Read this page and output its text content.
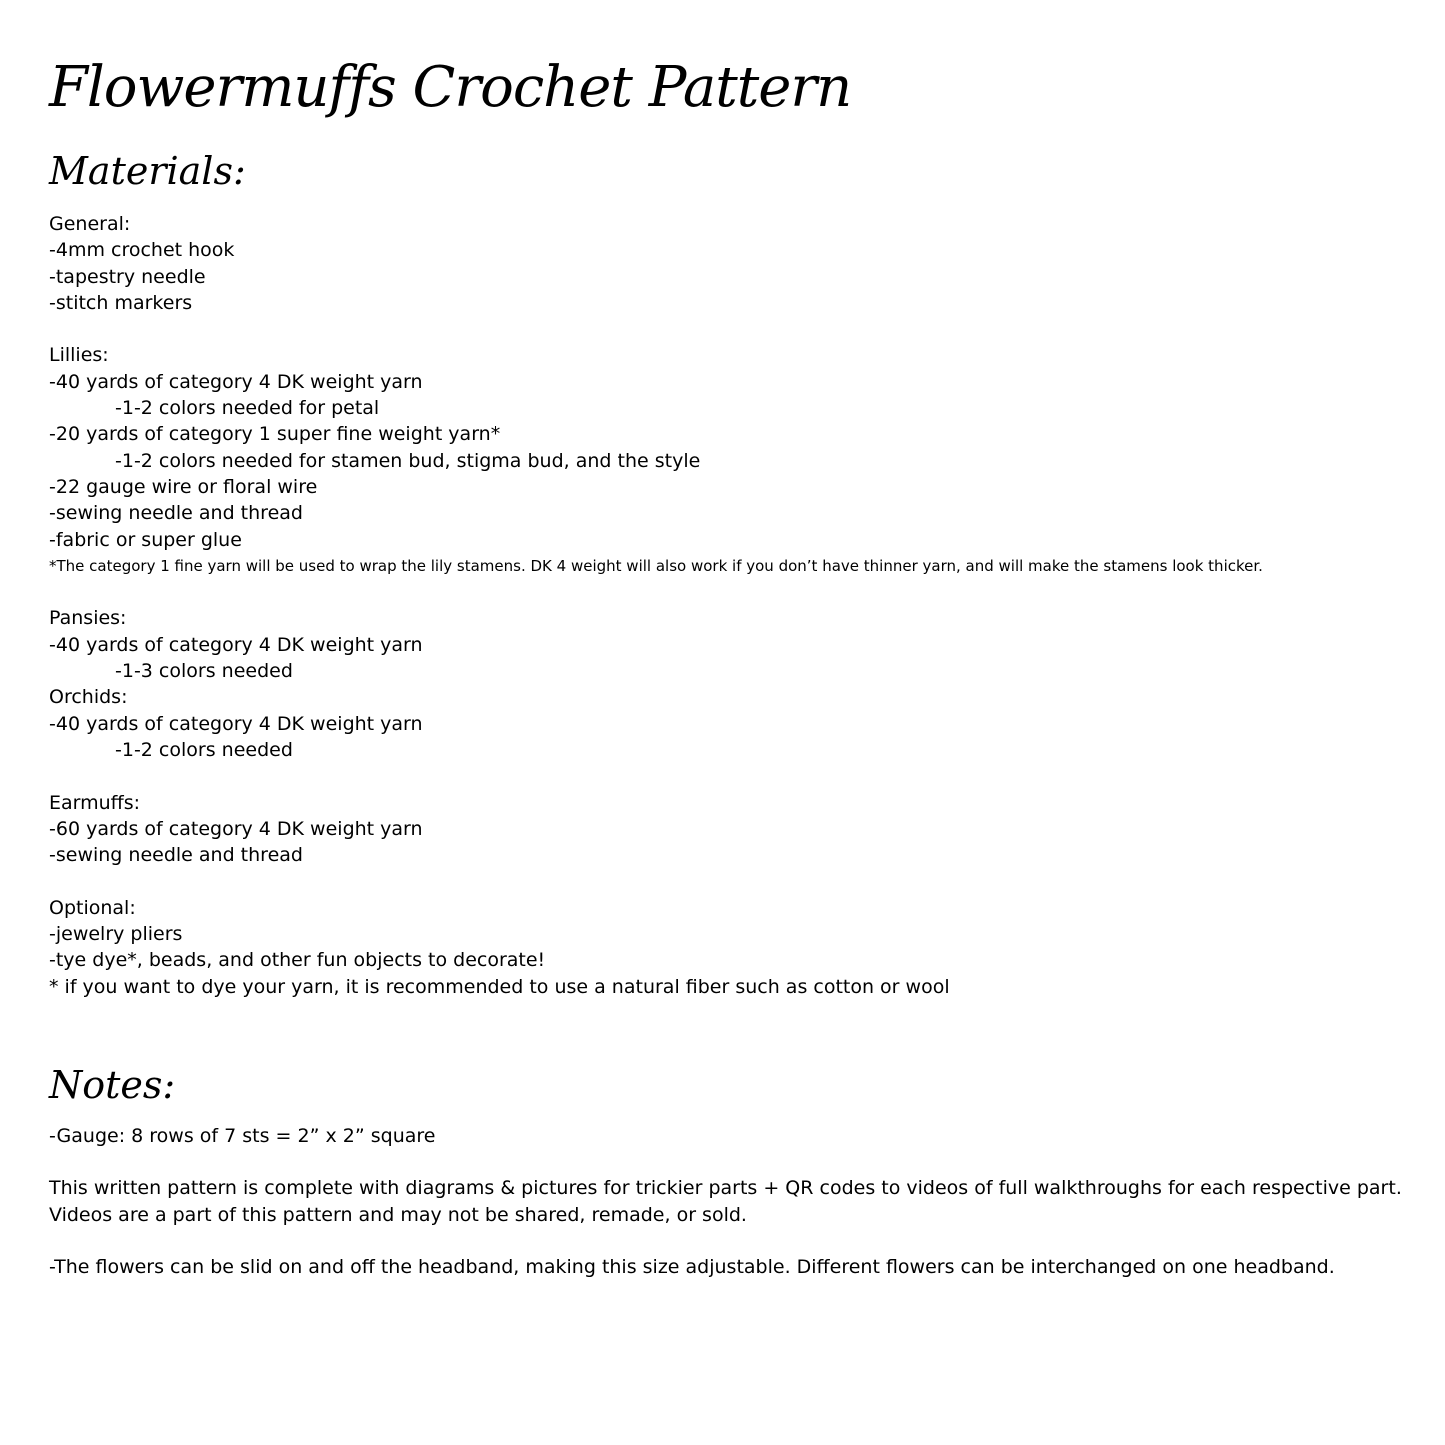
Flowermuffs Crochet Pattern
Materials:
General:
-4mm crochet hook
-tapestry needle
-stitch markers
Lillies:
-40 yards of category 4 DK weight yarn
-1-2 colors needed for petal
-20 yards of category 1 super fine weight yarn*
-1-2 colors needed for stamen bud, stigma bud, and the style
-22 gauge wire or floral wire
-sewing needle and thread
-fabric or super glue
*The category 1 fine yarn will be used to wrap the lily stamens. DK 4 weight will also work if you don’t have thinner yarn, and will make the stamens look thicker.
Pansies:
-40 yards of category 4 DK weight yarn
-1-3 colors needed
Orchids:
-40 yards of category 4 DK weight yarn
-1-2 colors needed
Earmuffs:
-60 yards of category 4 DK weight yarn
-sewing needle and thread
Optional:
-jewelry pliers
-tye dye*, beads, and other fun objects to decorate!
* if you want to dye your yarn, it is recommended to use a natural fiber such as cotton or wool
Notes:
-Gauge: 8 rows of 7 sts = 2” x 2” square
This written pattern is complete with diagrams & pictures for trickier parts + QR codes to videos of full walkthroughs for each respective part.
Videos are a part of this pattern and may not be shared, remade, or sold.
-The flowers can be slid on and off the headband, making this size adjustable. Different flowers can be interchanged on one headband.
